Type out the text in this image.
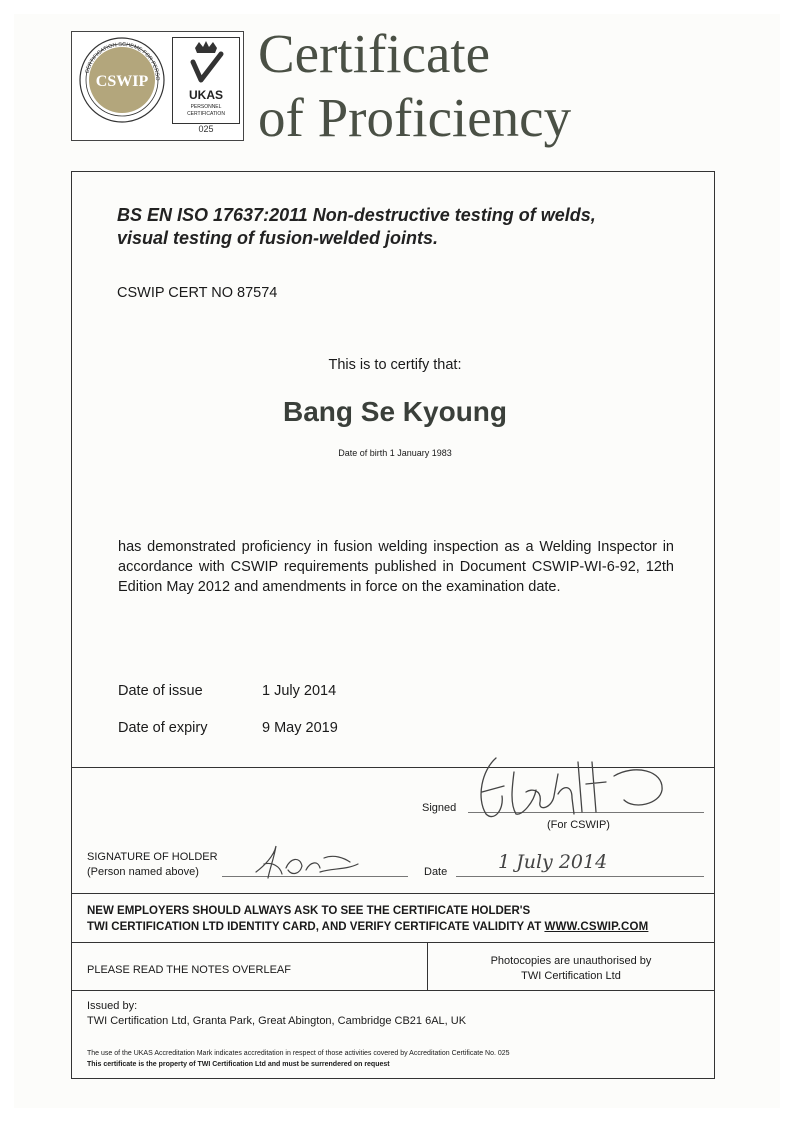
CSWIP
CERTIFICATION SCHEME FOR PERSO
UKAS
PERSONNEL
CERTIFICATION
025
Certificate
of Proficiency
BS EN ISO 17637:2011 Non-destructive testing of welds,
visual testing of fusion-welded joints.
CSWIP CERT NO 87574
This is to certify that:
Bang Se Kyoung
Date of birth 1 January 1983
has demonstrated proficiency in fusion welding inspection as a Welding Inspector in accordance with CSWIP requirements published in Document CSWIP-WI-6-92, 12th Edition May 2012 and amendments in force on the examination date.
Date of issue	1 July 2014
Date of expiry	9 May 2019
Signed
(For CSWIP)
SIGNATURE OF HOLDER
(Person named above)	Date	1 July 2014
NEW EMPLOYERS SHOULD ALWAYS ASK TO SEE THE CERTIFICATE HOLDER'S
TWI CERTIFICATION LTD IDENTITY CARD, AND VERIFY CERTIFICATE VALIDITY AT WWW.CSWIP.COM
PLEASE READ THE NOTES OVERLEAF
Photocopies are unauthorised by
TWI Certification Ltd
Issued by:
TWI Certification Ltd, Granta Park, Great Abington, Cambridge CB21 6AL, UK
The use of the UKAS Accreditation Mark indicates accreditation in respect of those activities covered by Accreditation Certificate No. 025
This certificate is the property of TWI Certification Ltd and must be surrendered on request
